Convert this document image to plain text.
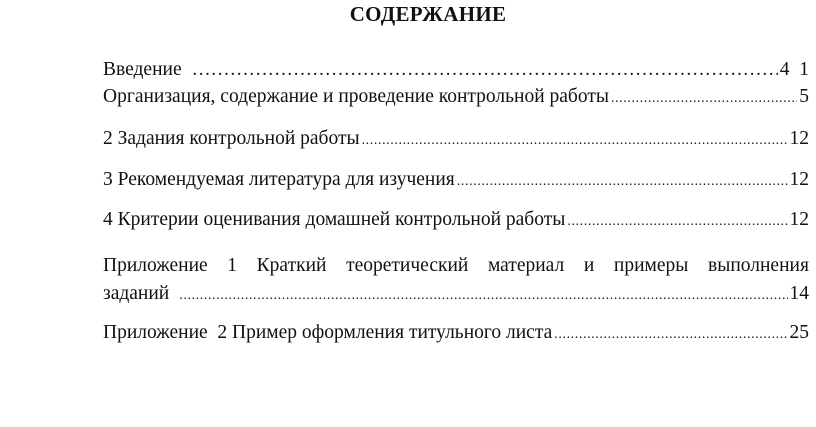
СОДЕРЖАНИЕ
Введение …………………………………………………………………………………………………………………………	4  1
Организация, содержание и проведение контрольной работы .....	5
2 Задания контрольной работы .....	12
3 Рекомендуемая литература для изучения .....	12
4 Критерии оценивания домашней контрольной работы .....	12
Приложение 1 Краткий теоретический материал и примеры выполнения
заданий .....	14
Приложение  2 Пример оформления титульного листа .....	25
